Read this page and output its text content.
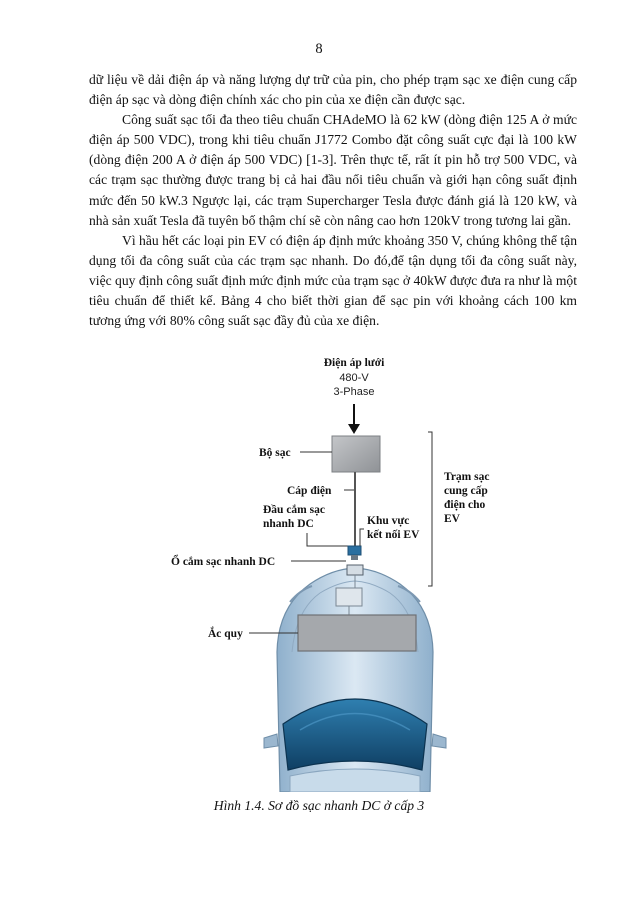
8

dữ liệu về dải điện áp và năng lượng dự trữ của pin, cho phép trạm sạc xe điện cung cấp điện áp sạc và dòng điện chính xác cho pin của xe điện cần được sạc.

Công suất sạc tối đa theo tiêu chuẩn CHAdeMO là 62 kW (dòng điện 125 A ở mức điện áp 500 VDC), trong khi tiêu chuẩn J1772 Combo đặt công suất cực đại là 100 kW (dòng điện 200 A ở điện áp 500 VDC) [1-3]. Trên thực tế, rất ít pin hỗ trợ 500 VDC, và các trạm sạc thường được trang bị cả hai đầu nối tiêu chuẩn và giới hạn công suất định mức đến 50 kW.3 Ngược lại, các trạm Supercharger Tesla được đánh giá là 120 kW, và nhà sản xuất Tesla đã tuyên bố thậm chí sẽ còn nâng cao hơn 120kV trong tương lai gần.

Vì hầu hết các loại pin EV có điện áp định mức khoảng 350 V, chúng không thể tận dụng tối đa công suất của các trạm sạc nhanh. Do đó,để tận dụng tối đa công suất này, việc quy định công suất định mức định mức của trạm sạc ở 40kW được đưa ra như là một tiêu chuẩn để thiết kế. Bảng 4 cho biết thời gian để sạc pin với khoảng cách 100 km tương ứng với 80% công suất sạc đầy đủ của xe điện.

Điện áp lưới
480-V
3-Phase
Bộ sạc
Cáp điện
Đầu cắm sạc
nhanh DC	Khu vực
kết nối EV
Ổ cắm sạc nhanh DC
Trạm sạc
cung cấp
điện cho
EV
Ắc quy
Hình 1.4. Sơ đồ sạc nhanh DC ở cấp 3
